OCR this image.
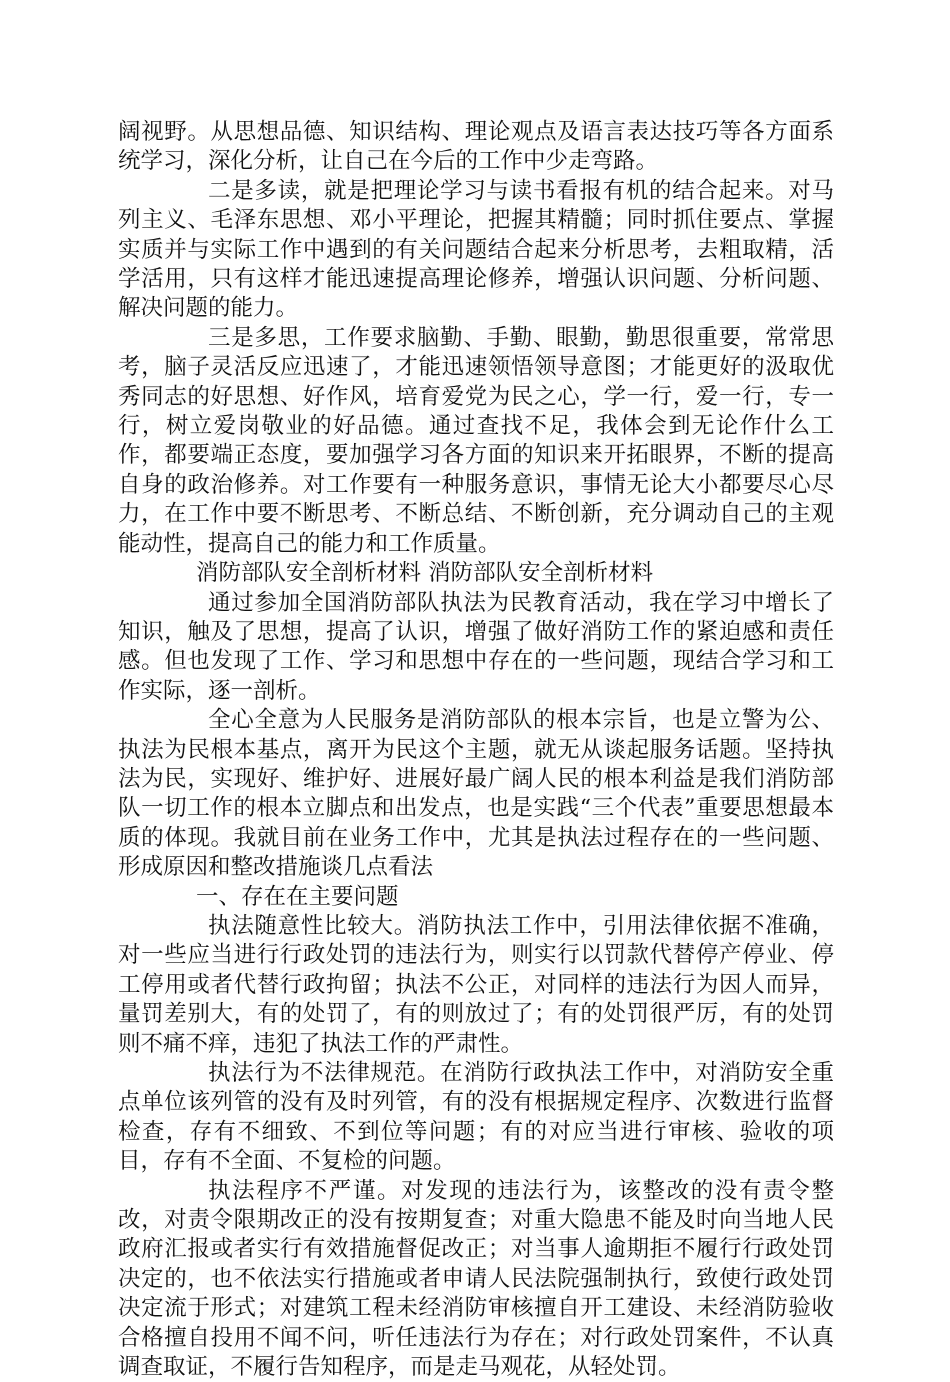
阔视野。从思想品德、知识结构、理论观点及语言表达技巧等各方面系统学习，深化分析，让自己在今后的工作中少走弯路。

二是多读，就是把理论学习与读书看报有机的结合起来。对马列主义、毛泽东思想、邓小平理论，把握其精髓；同时抓住要点、掌握实质并与实际工作中遇到的有关问题结合起来分析思考，去粗取精，活学活用，只有这样才能迅速提高理论修养，增强认识问题、分析问题、解决问题的能力。

三是多思，工作要求脑勤、手勤、眼勤，勤思很重要，常常思考，脑子灵活反应迅速了，才能迅速领悟领导意图；才能更好的汲取优秀同志的好思想、好作风，培育爱党为民之心，学一行，爱一行，专一行，树立爱岗敬业的好品德。通过查找不足，我体会到无论作什么工作，都要端正态度，要加强学习各方面的知识来开拓眼界，不断的提高自身的政治修养。对工作要有一种服务意识，事情无论大小都要尽心尽力，在工作中要不断思考、不断总结、不断创新，充分调动自己的主观能动性，提高自己的能力和工作质量。

消防部队安全剖析材料 消防部队安全剖析材料

通过参加全国消防部队执法为民教育活动，我在学习中增长了知识，触及了思想，提高了认识，增强了做好消防工作的紧迫感和责任感。但也发现了工作、学习和思想中存在的一些问题，现结合学习和工作实际，逐一剖析。

全心全意为人民服务是消防部队的根本宗旨，也是立警为公、执法为民根本基点，离开为民这个主题，就无从谈起服务话题。坚持执法为民，实现好、维护好、进展好最广阔人民的根本利益是我们消防部队一切工作的根本立脚点和出发点，也是实践“三个代表”重要思想最本质的体现。我就目前在业务工作中，尤其是执法过程存在的一些问题、形成原因和整改措施谈几点看法

一、存在在主要问题

执法随意性比较大。消防执法工作中，引用法律依据不准确，对一些应当进行行政处罚的违法行为，则实行以罚款代替停产停业、停工停用或者代替行政拘留；执法不公正，对同样的违法行为因人而异，量罚差别大，有的处罚了，有的则放过了；有的处罚很严厉，有的处罚则不痛不痒，违犯了执法工作的严肃性。

执法行为不法律规范。在消防行政执法工作中，对消防安全重点单位该列管的没有及时列管，有的没有根据规定程序、次数进行监督检查，存有不细致、不到位等问题；有的对应当进行审核、验收的项目，存有不全面、不复检的问题。

执法程序不严谨。对发现的违法行为，该整改的没有责令整改，对责令限期改正的没有按期复查；对重大隐患不能及时向当地人民政府汇报或者实行有效措施督促改正；对当事人逾期拒不履行行政处罚决定的，也不依法实行措施或者申请人民法院强制执行，致使行政处罚决定流于形式；对建筑工程未经消防审核擅自开工建设、未经消防验收合格擅自投用不闻不问，听任违法行为存在；对行政处罚案件，不认真调查取证，不履行告知程序，而是走马观花，从轻处罚。
